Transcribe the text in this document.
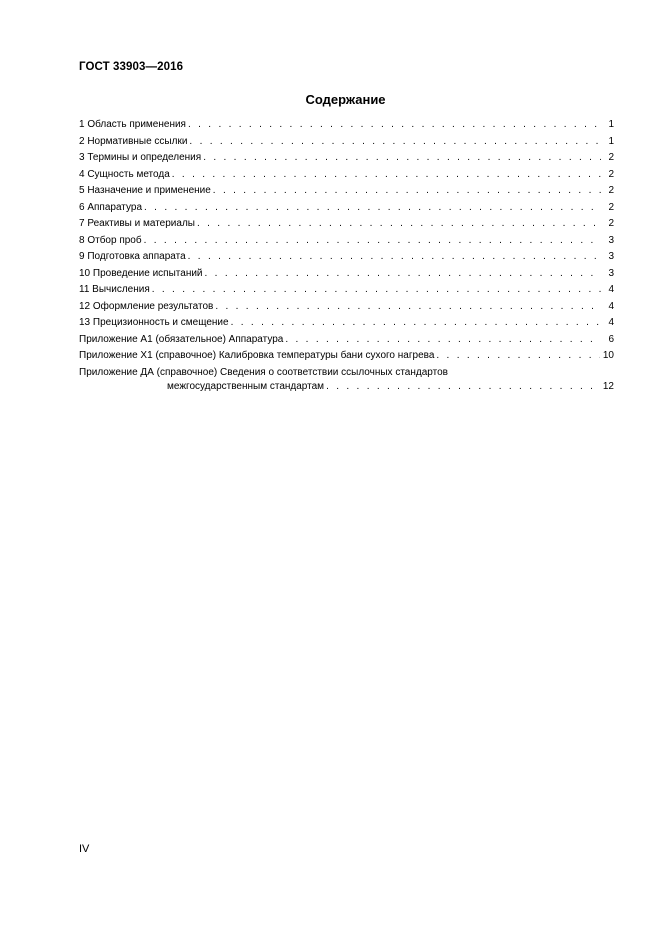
ГОСТ 33903—2016
Содержание
1 Область применения . . .	1
2 Нормативные ссылки . . .	1
3 Термины и определения . . .	2
4 Сущность метода . . .	2
5 Назначение и применение . . .	2
6 Аппаратура . . .	2
7 Реактивы и материалы . . .	2
8 Отбор проб . . .	3
9 Подготовка аппарата . . .	3
10 Проведение испытаний . . .	3
11 Вычисления . . .	4
12 Оформление результатов . . .	4
13 Прецизионность и смещение . . .	4
Приложение А1 (обязательное) Аппаратура . . .	6
Приложение Х1 (справочное) Калибровка температуры бани сухого нагрева . . .	10
Приложение ДА (справочное) Сведения о соответствии ссылочных стандартов
межгосударственным стандартам . . .	12
IV
